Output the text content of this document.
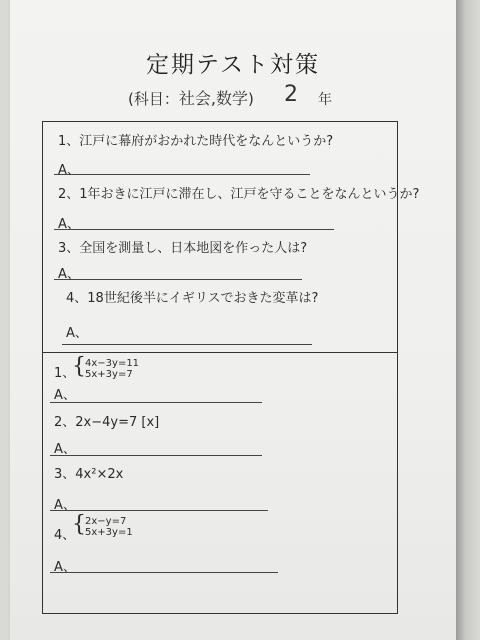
定期テスト対策
(科目：社会,数学) 2 年
1、江戸に幕府がおかれた時代をなんというか?
A、
2、1年おきに江戸に滞在し、江戸を守ることをなんというか?
A、
3、全国を測量し、日本地図を作った人は?
A、
4、18世紀後半にイギリスでおきた変革は?
A、
1、
{ 4x−3y=11
5x+3y=7
A、
2、2x−4y=7 [x]
A、
3、4x²×2x
A、
4、
{ 2x−y=7
5x+3y=1
A、
